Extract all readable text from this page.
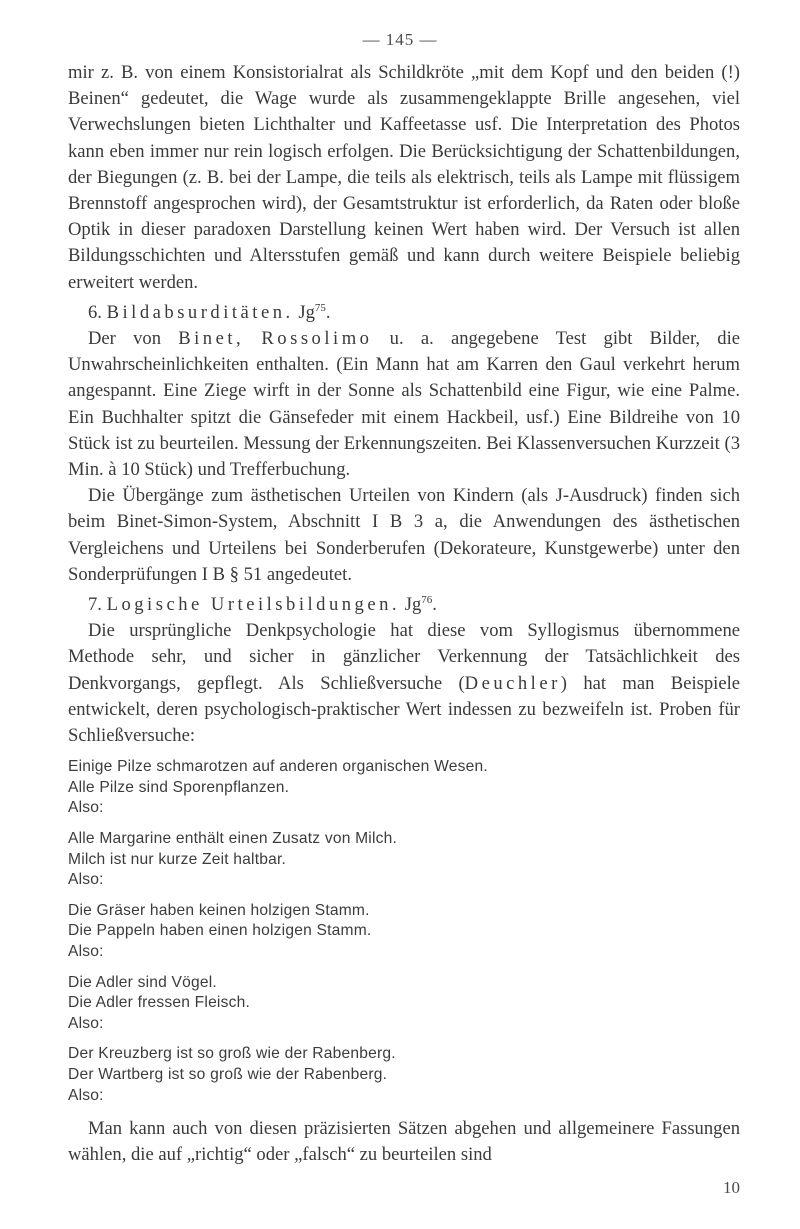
— 145 —

mir z. B. von einem Konsistorialrat als Schildkröte „mit dem Kopf und den beiden (!) Beinen“ gedeutet, die Wage wurde als zusammengeklappte Brille angesehen, viel Verwechslungen bieten Lichthalter und Kaffeetasse usf. Die Interpretation des Photos kann eben immer nur rein logisch erfolgen. Die Berücksichtigung der Schattenbildungen, der Biegungen (z. B. bei der Lampe, die teils als elektrisch, teils als Lampe mit flüssigem Brennstoff angesprochen wird), der Gesamtstruktur ist erforderlich, da Raten oder bloße Optik in dieser paradoxen Darstellung keinen Wert haben wird. Der Versuch ist allen Bildungsschichten und Altersstufen gemäß und kann durch weitere Beispiele beliebig erweitert werden.

6. Bildabsurditäten. Jg$^{75}$.

Der von Binet, Rossolimo u. a. angegebene Test gibt Bilder, die Unwahrscheinlichkeiten enthalten. (Ein Mann hat am Karren den Gaul verkehrt herum angespannt. Eine Ziege wirft in der Sonne als Schattenbild eine Figur, wie eine Palme. Ein Buchhalter spitzt die Gänsefeder mit einem Hackbeil, usf.) Eine Bildreihe von 10 Stück ist zu beurteilen. Messung der Erkennungszeiten. Bei Klassenversuchen Kurzzeit (3 Min. à 10 Stück) und Trefferbuchung.

Die Übergänge zum ästhetischen Urteilen von Kindern (als J-Ausdruck) finden sich beim Binet-Simon-System, Abschnitt I B 3 a, die Anwendungen des ästhetischen Vergleichens und Urteilens bei Sonderberufen (Dekorateure, Kunstgewerbe) unter den Sonderprüfungen I B § 51 angedeutet.

7. Logische Urteilsbildungen. Jg$^{76}$.

Die ursprüngliche Denkpsychologie hat diese vom Syllogismus übernommene Methode sehr, und sicher in gänzlicher Verkennung der Tatsächlichkeit des Denkvorgangs, gepflegt. Als Schließversuche (Deuchler) hat man Beispiele entwickelt, deren psychologisch-praktischer Wert indessen zu bezweifeln ist. Proben für Schließversuche:

Einige Pilze schmarotzen auf anderen organischen Wesen.
Alle Pilze sind Sporenpflanzen.
Also:
Alle Margarine enthält einen Zusatz von Milch.
Milch ist nur kurze Zeit haltbar.
Also:
Die Gräser haben keinen holzigen Stamm.
Die Pappeln haben einen holzigen Stamm.
Also:
Die Adler sind Vögel.
Die Adler fressen Fleisch.
Also:
Der Kreuzberg ist so groß wie der Rabenberg.
Der Wartberg ist so groß wie der Rabenberg.
Also:

Man kann auch von diesen präzisierten Sätzen abgehen und allgemeinere Fassungen wählen, die auf „richtig“ oder „falsch“ zu beurteilen sind

10
